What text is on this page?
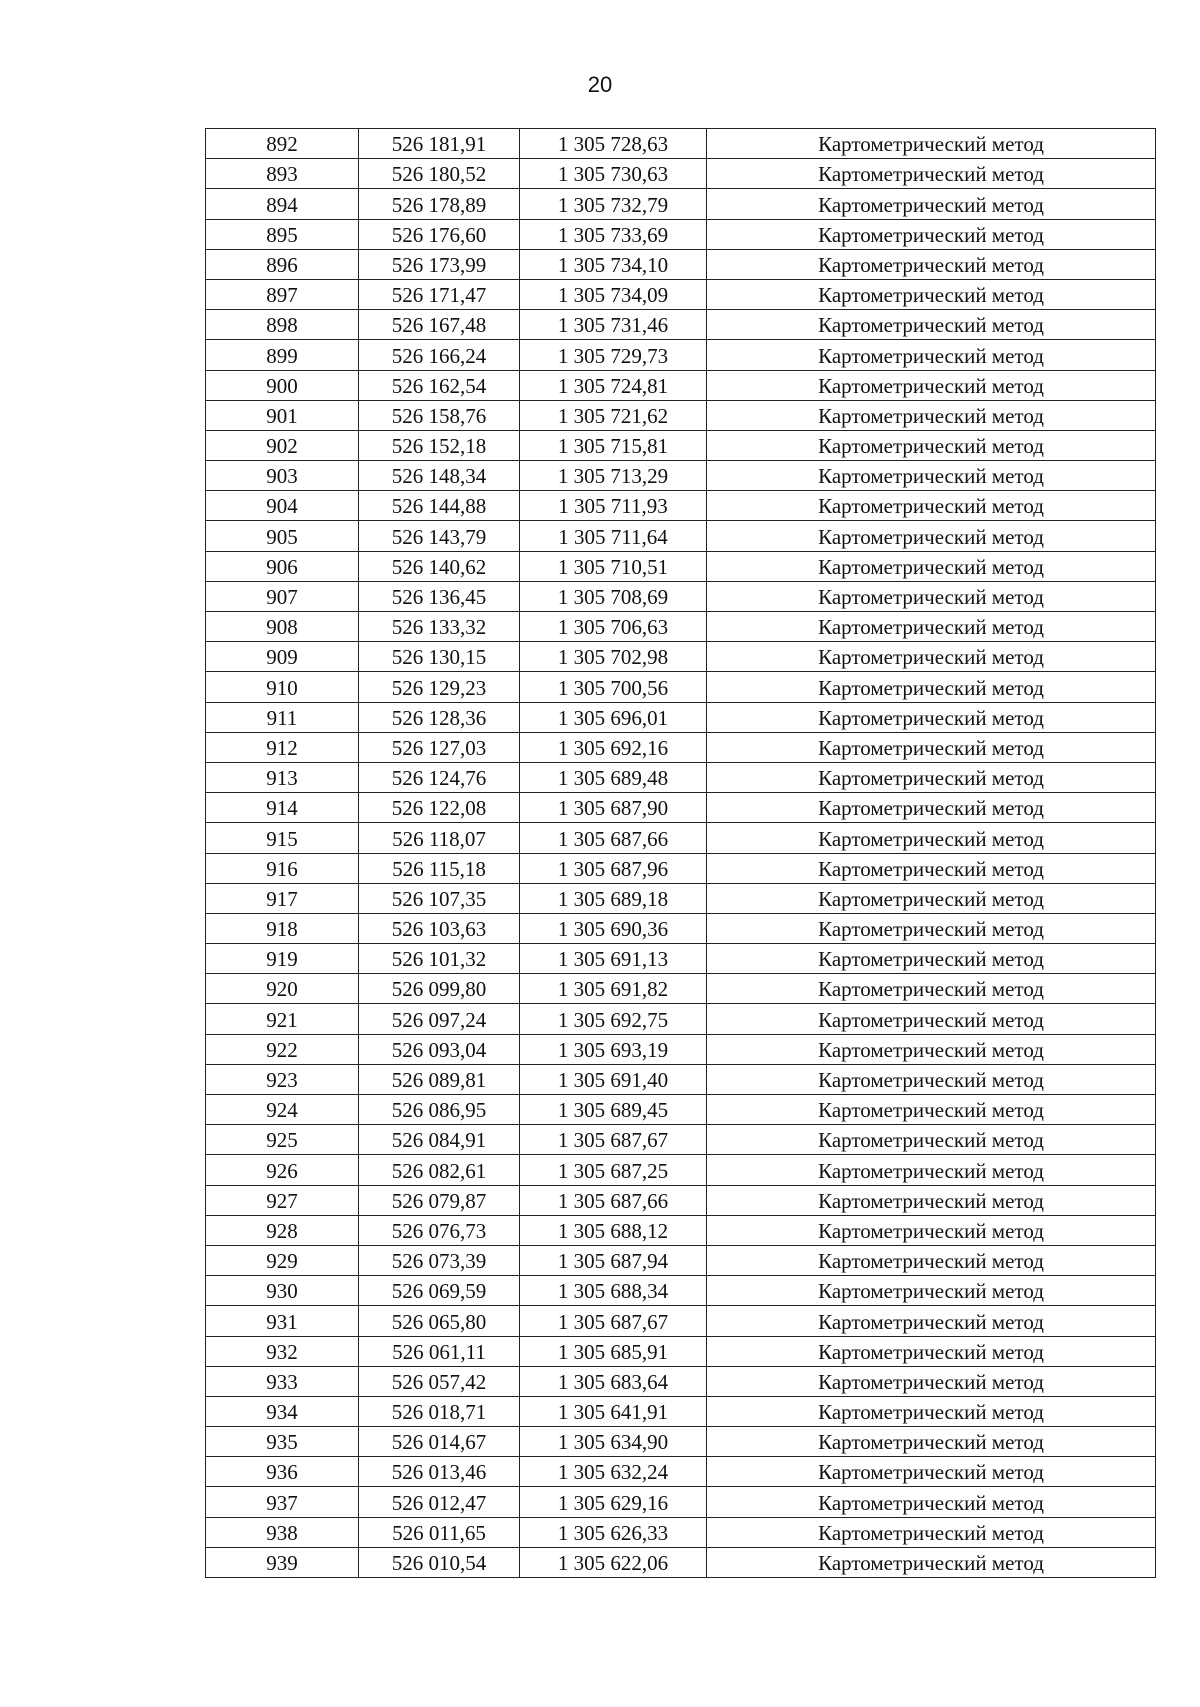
20
892	526 181,91	1 305 728,63	Картометрический метод
893	526 180,52	1 305 730,63	Картометрический метод
894	526 178,89	1 305 732,79	Картометрический метод
895	526 176,60	1 305 733,69	Картометрический метод
896	526 173,99	1 305 734,10	Картометрический метод
897	526 171,47	1 305 734,09	Картометрический метод
898	526 167,48	1 305 731,46	Картометрический метод
899	526 166,24	1 305 729,73	Картометрический метод
900	526 162,54	1 305 724,81	Картометрический метод
901	526 158,76	1 305 721,62	Картометрический метод
902	526 152,18	1 305 715,81	Картометрический метод
903	526 148,34	1 305 713,29	Картометрический метод
904	526 144,88	1 305 711,93	Картометрический метод
905	526 143,79	1 305 711,64	Картометрический метод
906	526 140,62	1 305 710,51	Картометрический метод
907	526 136,45	1 305 708,69	Картометрический метод
908	526 133,32	1 305 706,63	Картометрический метод
909	526 130,15	1 305 702,98	Картометрический метод
910	526 129,23	1 305 700,56	Картометрический метод
911	526 128,36	1 305 696,01	Картометрический метод
912	526 127,03	1 305 692,16	Картометрический метод
913	526 124,76	1 305 689,48	Картометрический метод
914	526 122,08	1 305 687,90	Картометрический метод
915	526 118,07	1 305 687,66	Картометрический метод
916	526 115,18	1 305 687,96	Картометрический метод
917	526 107,35	1 305 689,18	Картометрический метод
918	526 103,63	1 305 690,36	Картометрический метод
919	526 101,32	1 305 691,13	Картометрический метод
920	526 099,80	1 305 691,82	Картометрический метод
921	526 097,24	1 305 692,75	Картометрический метод
922	526 093,04	1 305 693,19	Картометрический метод
923	526 089,81	1 305 691,40	Картометрический метод
924	526 086,95	1 305 689,45	Картометрический метод
925	526 084,91	1 305 687,67	Картометрический метод
926	526 082,61	1 305 687,25	Картометрический метод
927	526 079,87	1 305 687,66	Картометрический метод
928	526 076,73	1 305 688,12	Картометрический метод
929	526 073,39	1 305 687,94	Картометрический метод
930	526 069,59	1 305 688,34	Картометрический метод
931	526 065,80	1 305 687,67	Картометрический метод
932	526 061,11	1 305 685,91	Картометрический метод
933	526 057,42	1 305 683,64	Картометрический метод
934	526 018,71	1 305 641,91	Картометрический метод
935	526 014,67	1 305 634,90	Картометрический метод
936	526 013,46	1 305 632,24	Картометрический метод
937	526 012,47	1 305 629,16	Картометрический метод
938	526 011,65	1 305 626,33	Картометрический метод
939	526 010,54	1 305 622,06	Картометрический метод
